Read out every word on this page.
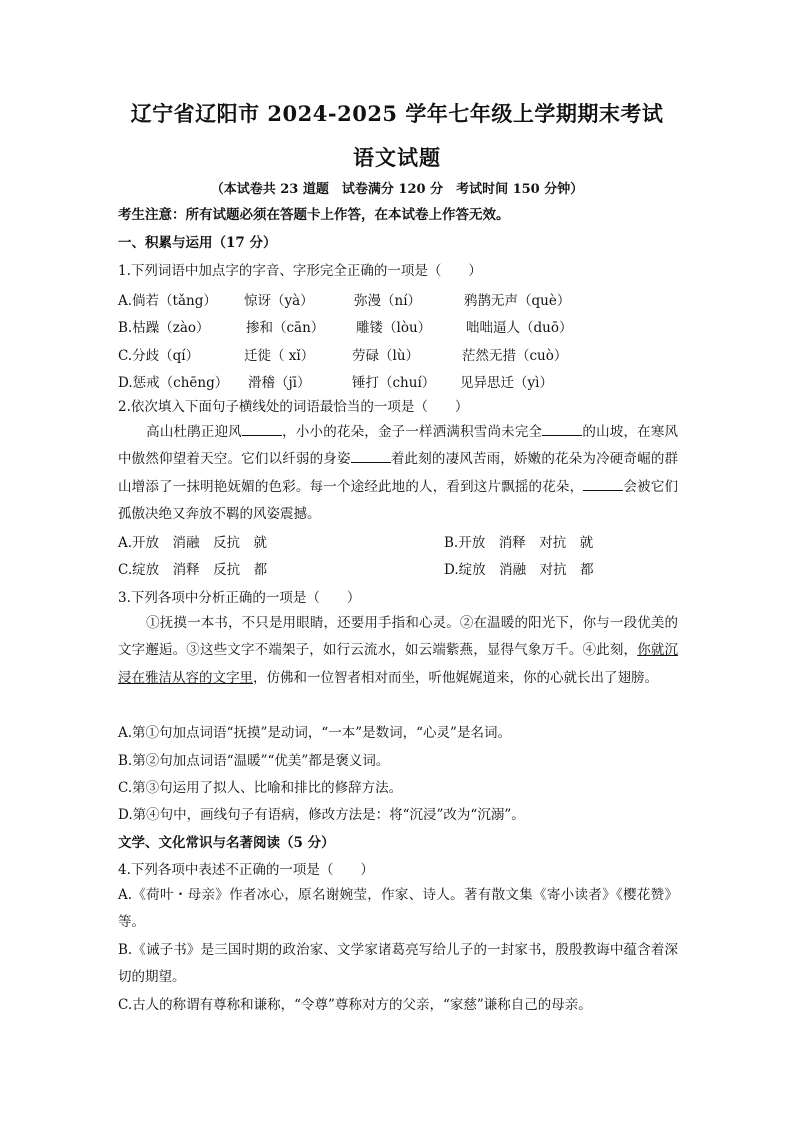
辽宁省辽阳市 2024-2025 学年七年级上学期期末考试
语文试题
（本试卷共 23 道题　试卷满分 120 分　考试时间 150 分钟）
考生注意：所有试题必须在答题卡上作答，在本试卷上作答无效。
一、积累与运用（17 分）
1.下列词语中加点字的字音、字形完全正确的一项是（　　）
A.倘若（tǎng） 惊讶（yà）	弥漫（ní）	鸦鹊无声（què）
B.枯躁（zào）	掺和（cān） 雕镂（lòu）	咄咄逼人（duō）
C.分歧（qí）	迁徙（ xǐ）	劳碌（lù）	茫然无措（cuò）
D.惩戒（chēng） 滑稽（jī）	锤打（chuí） 见异思迁（yì）
2.依次填入下面句子横线处的词语最恰当的一项是（　　）
高山杜鹃正迎风	，小小的花朵，金子一样洒满积雪尚未完全	的山坡，在寒风中傲然仰望着天空。它们以纤弱的身姿	着此刻的凄风苦雨，娇嫩的花朵为冷硬奇崛的群山增添了一抹明艳妩媚的色彩。每一个途经此地的人，看到这片飘摇的花朵，	会被它们孤傲决绝又奔放不羁的风姿震撼。
A.开放　消融　反抗　就	B.开放　消释　对抗　就
C.绽放　消释　反抗　都	D.绽放　消融　对抗　都
3.下列各项中分析正确的一项是（　　）
①抚摸一本书，不只是用眼睛，还要用手指和心灵。②在温暖的阳光下，你与一段优美的文字邂逅。③这些文字不端架子，如行云流水，如云端紫燕，显得气象万千。④此刻，你就沉浸在雅洁从容的文字里，仿佛和一位智者相对而坐，听他娓娓道来，你的心就长出了翅膀。
A.第①句加点词语“抚摸”是动词，“一本”是数词，“心灵”是名词。
B.第②句加点词语“温暖”“优美”都是褒义词。
C.第③句运用了拟人、比喻和排比的修辞方法。
D.第④句中，画线句子有语病，修改方法是：将“沉浸”改为“沉溺”。
文学、文化常识与名著阅读（5 分）
4.下列各项中表述不正确的一项是（　　）
A.《荷叶・母亲》作者冰心，原名谢婉莹，作家、诗人。著有散文集《寄小读者》《樱花赞》等。
B.《诫子书》是三国时期的政治家、文学家诸葛亮写给儿子的一封家书，殷殷教诲中蕴含着深切的期望。
C.古人的称谓有尊称和谦称，“令尊”尊称对方的父亲，“家慈”谦称自己的母亲。
